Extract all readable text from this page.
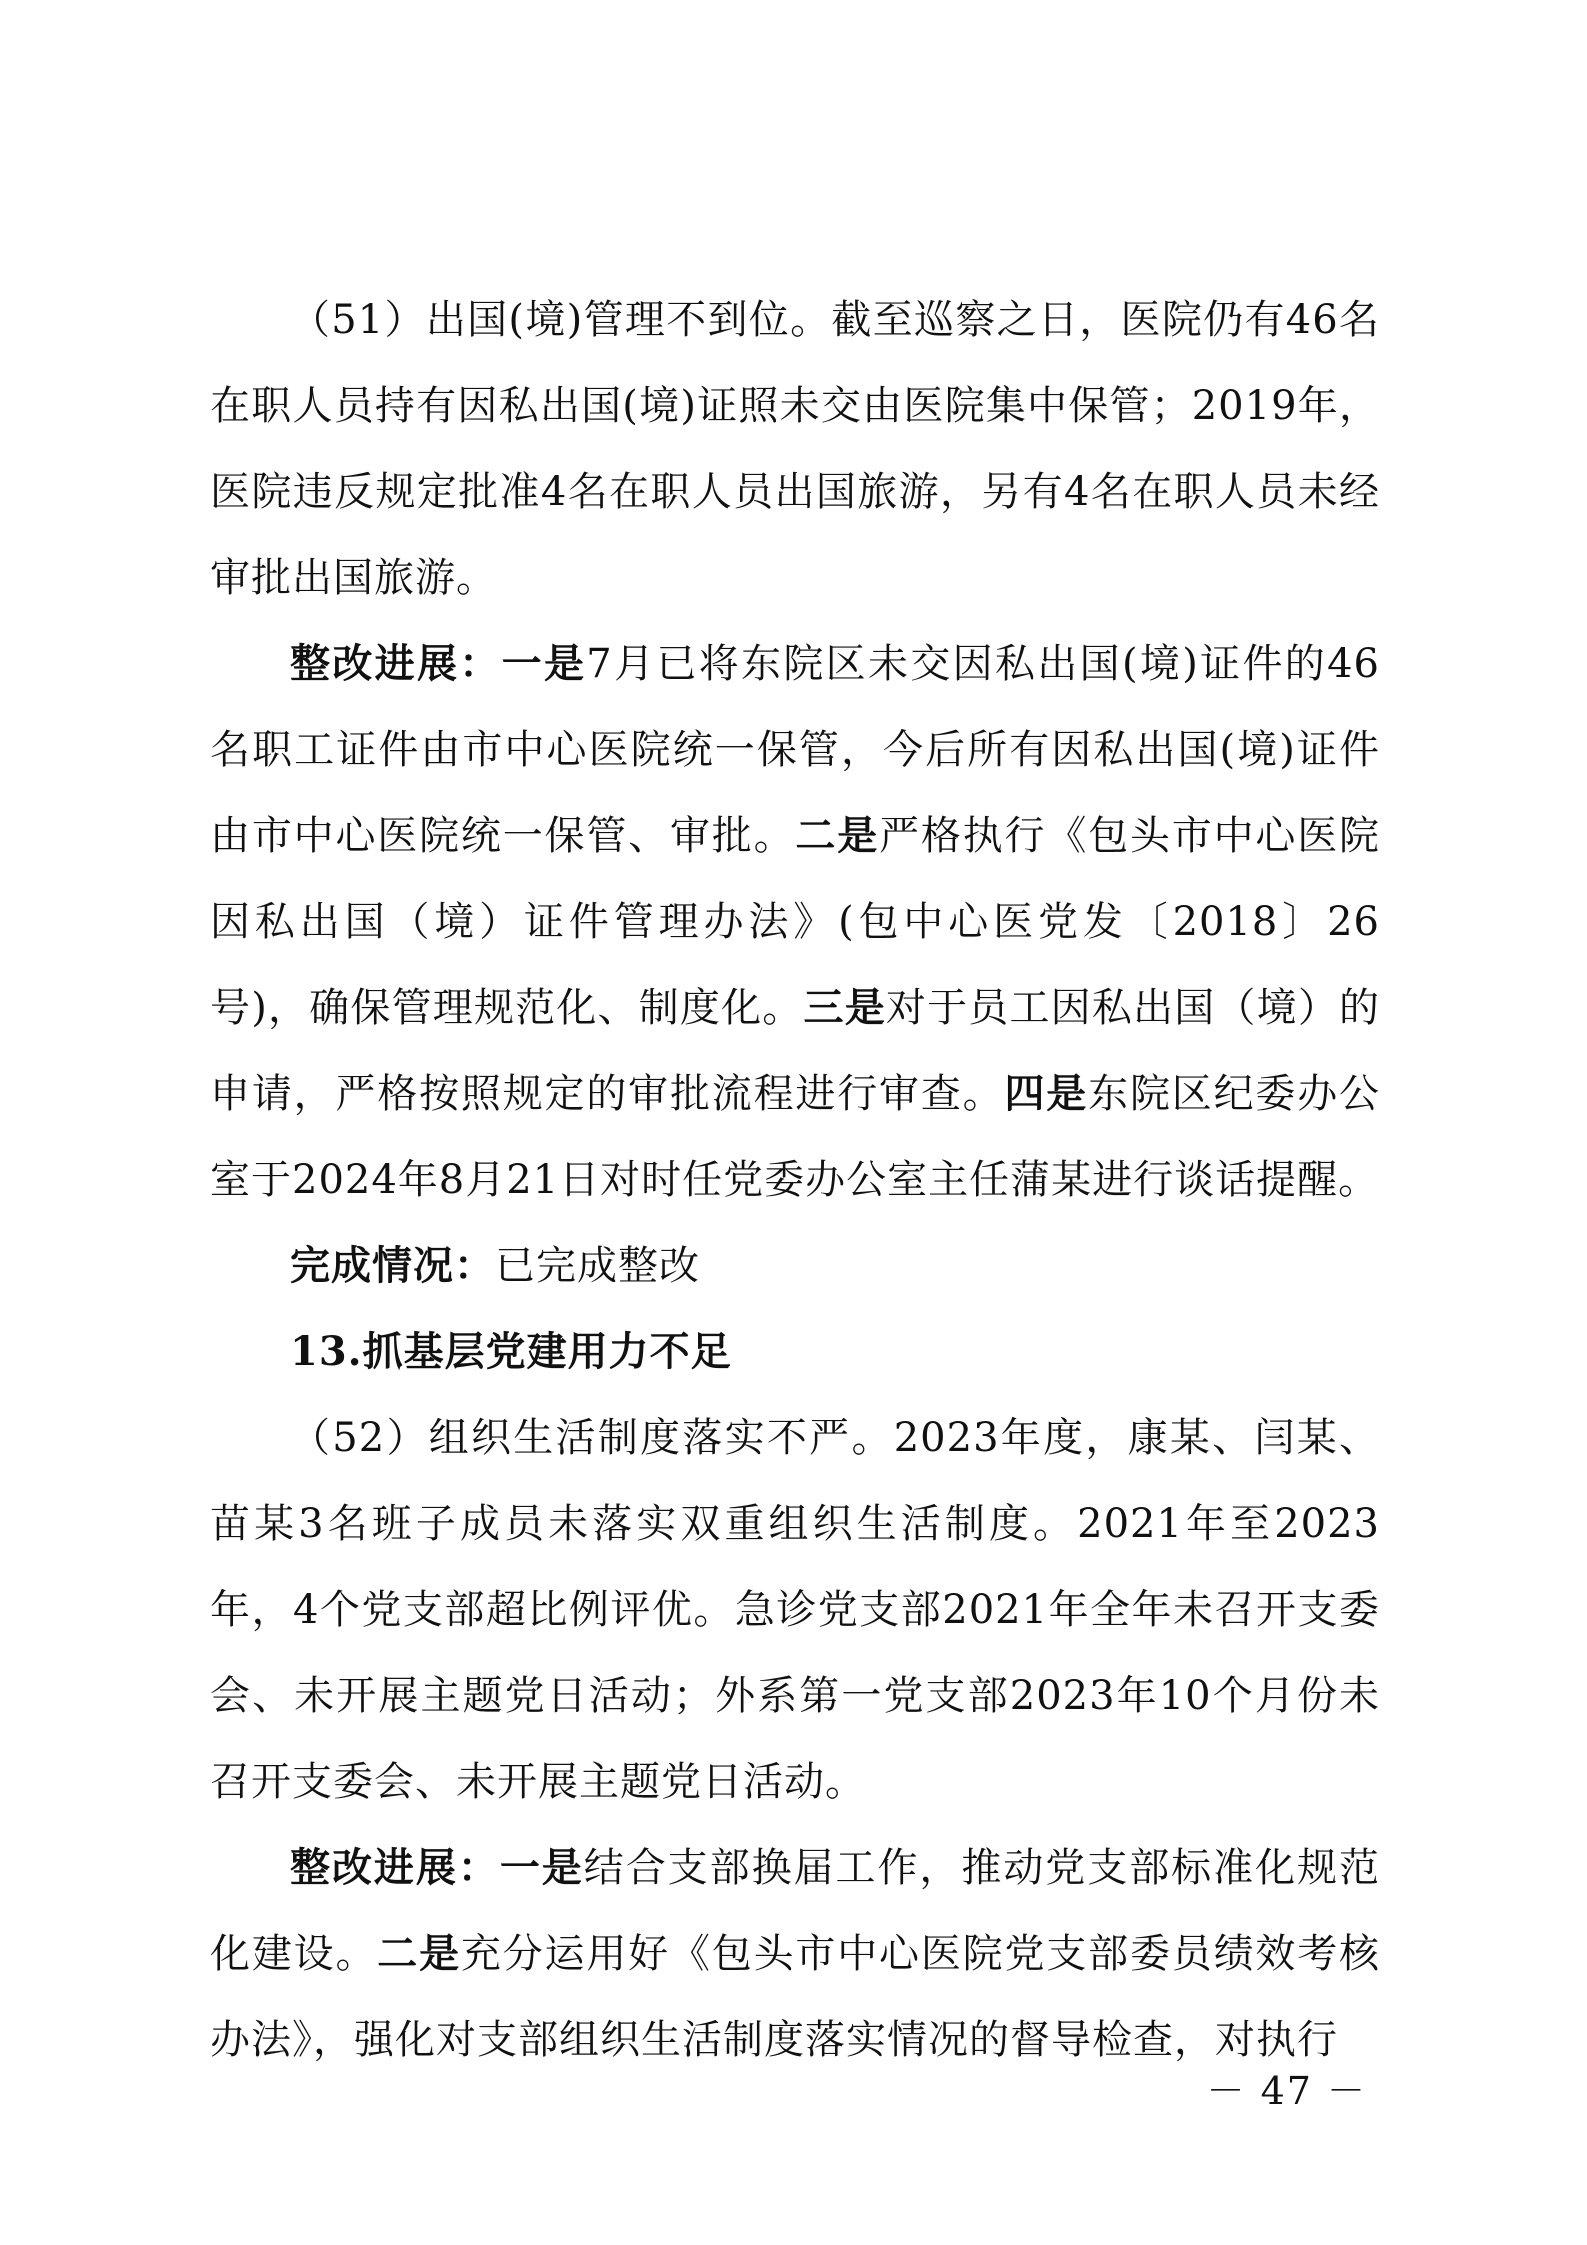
（51）出国(境)管理不到位。截至巡察之日，医院仍有46名在职人员持有因私出国(境)证照未交由医院集中保管；2019年，医院违反规定批准4名在职人员出国旅游，另有4名在职人员未经审批出国旅游。

整改进展：一是7月已将东院区未交因私出国(境)证件的46名职工证件由市中心医院统一保管，今后所有因私出国(境)证件由市中心医院统一保管、审批。二是严格执行《包头市中心医院因私出国（境）证件管理办法》(包中心医党发〔2018〕26号)，确保管理规范化、制度化。三是对于员工因私出国（境）的申请，严格按照规定的审批流程进行审查。四是东院区纪委办公室于2024年8月21日对时任党委办公室主任蒲某进行谈话提醒。

完成情况：已完成整改

13.抓基层党建用力不足

（52）组织生活制度落实不严。2023年度，康某、闫某、苗某3名班子成员未落实双重组织生活制度。2021年至2023年，4个党支部超比例评优。急诊党支部2021年全年未召开支委会、未开展主题党日活动；外系第一党支部2023年10个月份未召开支委会、未开展主题党日活动。

整改进展：一是结合支部换届工作，推动党支部标准化规范化建设。二是充分运用好《包头市中心医院党支部委员绩效考核办法》，强化对支部组织生活制度落实情况的督导检查，对执行

－ 47 －
